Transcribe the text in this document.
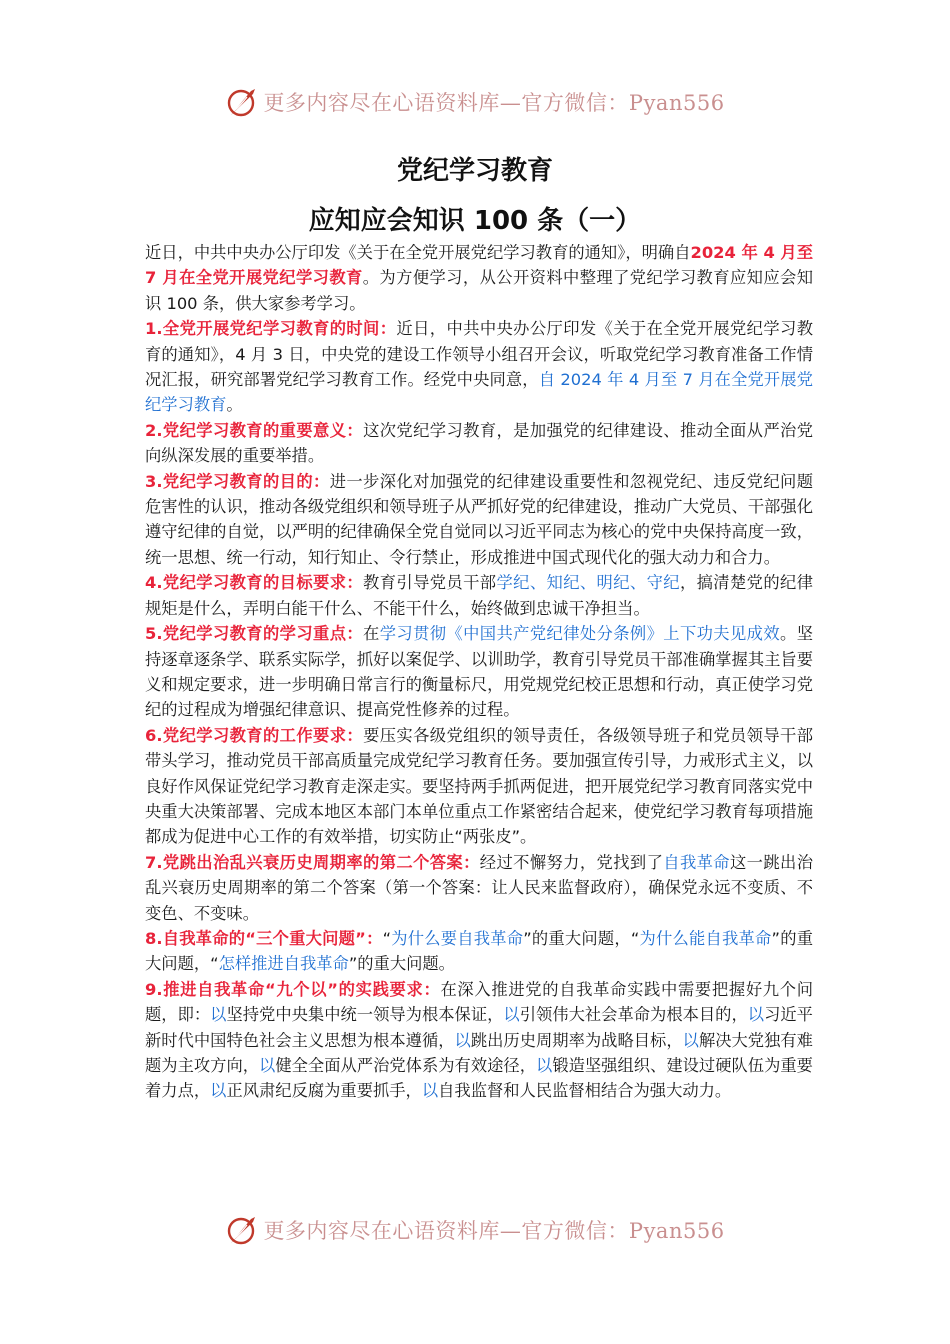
更多内容尽在心语资料库—官方微信：Pyan556
党纪学习教育
应知应会知识 100 条（一）

近日，中共中央办公厅印发《关于在全党开展党纪学习教育的通知》，明确自2024 年 4 月至 7 月在全党开展党纪学习教育。为方便学习，从公开资料中整理了党纪学习教育应知应会知识 100 条，供大家参考学习。

1.全党开展党纪学习教育的时间：近日，中共中央办公厅印发《关于在全党开展党纪学习教育的通知》，4 月 3 日，中央党的建设工作领导小组召开会议，听取党纪学习教育准备工作情况汇报，研究部署党纪学习教育工作。经党中央同意，自 2024 年 4 月至 7 月在全党开展党纪学习教育。

2.党纪学习教育的重要意义：这次党纪学习教育，是加强党的纪律建设、推动全面从严治党向纵深发展的重要举措。

3.党纪学习教育的目的：进一步深化对加强党的纪律建设重要性和忽视党纪、违反党纪问题危害性的认识，推动各级党组织和领导班子从严抓好党的纪律建设，推动广大党员、干部强化遵守纪律的自觉，以严明的纪律确保全党自觉同以习近平同志为核心的党中央保持高度一致，统一思想、统一行动，知行知止、令行禁止，形成推进中国式现代化的强大动力和合力。

4.党纪学习教育的目标要求：教育引导党员干部学纪、知纪、明纪、守纪，搞清楚党的纪律规矩是什么，弄明白能干什么、不能干什么，始终做到忠诚干净担当。

5.党纪学习教育的学习重点：在学习贯彻《中国共产党纪律处分条例》上下功夫见成效。坚持逐章逐条学、联系实际学，抓好以案促学、以训助学，教育引导党员干部准确掌握其主旨要义和规定要求，进一步明确日常言行的衡量标尺，用党规党纪校正思想和行动，真正使学习党纪的过程成为增强纪律意识、提高党性修养的过程。

6.党纪学习教育的工作要求：要压实各级党组织的领导责任，各级领导班子和党员领导干部带头学习，推动党员干部高质量完成党纪学习教育任务。要加强宣传引导，力戒形式主义，以良好作风保证党纪学习教育走深走实。要坚持两手抓两促进，把开展党纪学习教育同落实党中央重大决策部署、完成本地区本部门本单位重点工作紧密结合起来，使党纪学习教育每项措施都成为促进中心工作的有效举措，切实防止“两张皮”。

7.党跳出治乱兴衰历史周期率的第二个答案：经过不懈努力，党找到了自我革命这一跳出治乱兴衰历史周期率的第二个答案（第一个答案：让人民来监督政府），确保党永远不变质、不变色、不变味。

8.自我革命的“三个重大问题”：“为什么要自我革命”的重大问题，“为什么能自我革命”的重大问题，“怎样推进自我革命”的重大问题。

9.推进自我革命“九个以”的实践要求：在深入推进党的自我革命实践中需要把握好九个问题，即：以坚持党中央集中统一领导为根本保证，以引领伟大社会革命为根本目的，以习近平新时代中国特色社会主义思想为根本遵循，以跳出历史周期率为战略目标，以解决大党独有难题为主攻方向，以健全全面从严治党体系为有效途径，以锻造坚强组织、建设过硬队伍为重要着力点，以正风肃纪反腐为重要抓手，以自我监督和人民监督相结合为强大动力。

更多内容尽在心语资料库—官方微信：Pyan556
